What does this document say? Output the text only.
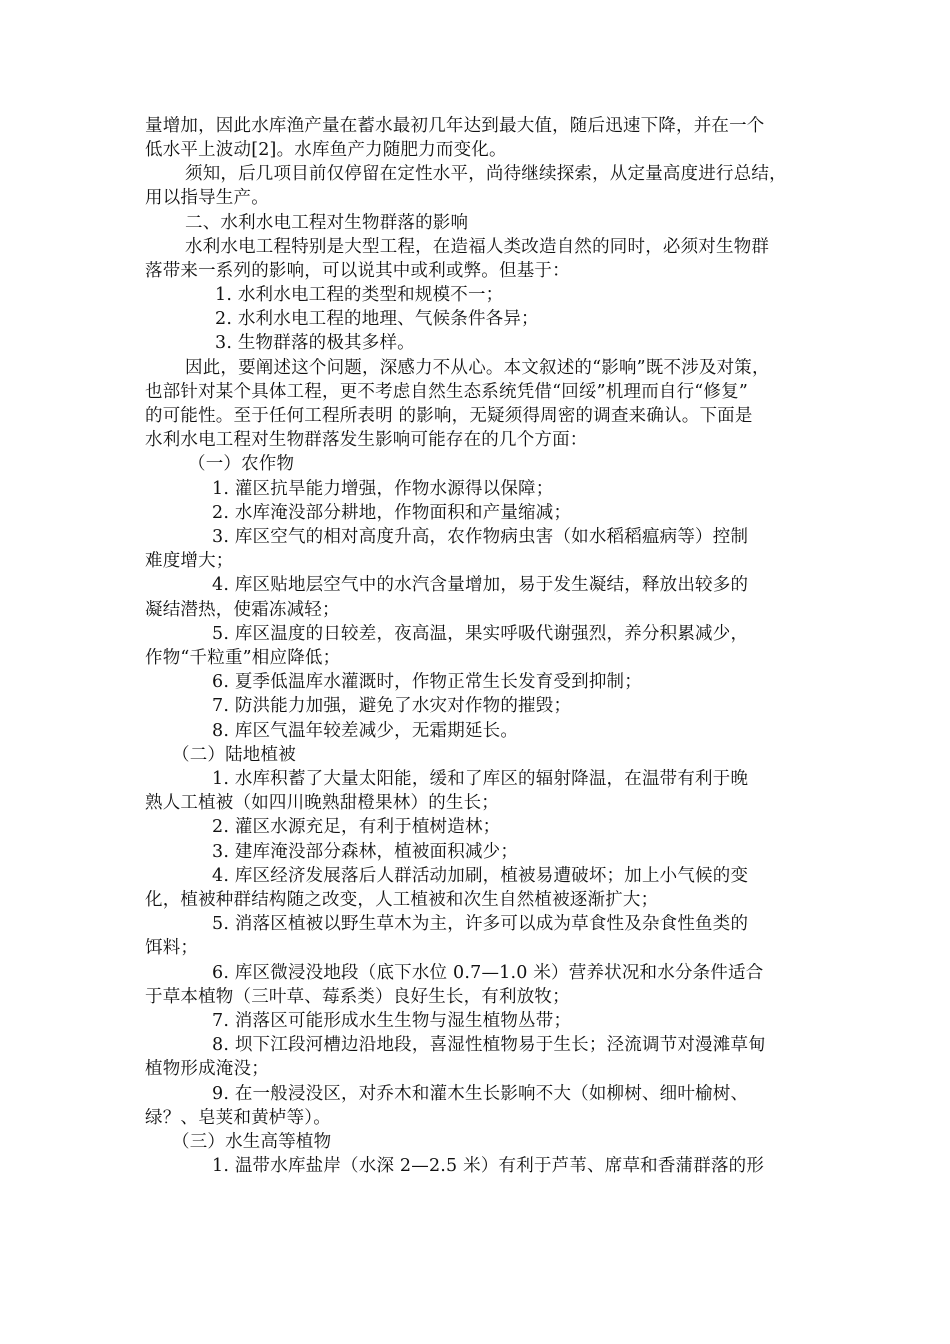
量增加，因此水库渔产量在蓄水最初几年达到最大值，随后迅速下降，并在一个
低水平上波动[2]。水库鱼产力随肥力而变化。
须知，后几项目前仅停留在定性水平，尚待继续探索，从定量高度进行总结，
用以指导生产。
二、水利水电工程对生物群落的影响
水利水电工程特别是大型工程，在造福人类改造自然的同时，必须对生物群
落带来一系列的影响，可以说其中或利或弊。但基于：
1. 水利水电工程的类型和规模不一；
2. 水利水电工程的地理、气候条件各异；
3. 生物群落的极其多样。
因此，要阐述这个问题，深感力不从心。本文叙述的“影响”既不涉及对策，
也部针对某个具体工程，更不考虑自然生态系统凭借“回绥”机理而自行“修复”
的可能性。至于任何工程所表明 的影响，无疑须得周密的调查来确认。下面是
水利水电工程对生物群落发生影响可能存在的几个方面：
（一）农作物
1. 灌区抗旱能力增强，作物水源得以保障；
2. 水库淹没部分耕地，作物面积和产量缩减；
3. 库区空气的相对高度升高，农作物病虫害（如水稻稻瘟病等）控制
难度增大；
4. 库区贴地层空气中的水汽含量增加，易于发生凝结，释放出较多的
凝结潜热，使霜冻减轻；
5. 库区温度的日较差，夜高温，果实呼吸代谢强烈，养分积累减少，
作物“千粒重”相应降低；
6. 夏季低温库水灌溉时，作物正常生长发育受到抑制；
7. 防洪能力加强，避免了水灾对作物的摧毁；
8. 库区气温年较差减少，无霜期延长。
（二）陆地植被
1. 水库积蓄了大量太阳能，缓和了库区的辐射降温，在温带有利于晚
熟人工植被（如四川晚熟甜橙果林）的生长；
2. 灌区水源充足，有利于植树造林；
3. 建库淹没部分森林，植被面积减少；
4. 库区经济发展落后人群活动加刷，植被易遭破坏；加上小气候的变
化，植被种群结构随之改变，人工植被和次生自然植被逐渐扩大；
5. 消落区植被以野生草木为主，许多可以成为草食性及杂食性鱼类的
饵料；
6. 库区微浸没地段（底下水位 0.7—1.0 米）营养状况和水分条件适合
于草本植物（三叶草、莓系类）良好生长，有利放牧；
7. 消落区可能形成水生生物与湿生植物丛带；
8. 坝下江段河槽边沿地段，喜湿性植物易于生长；泾流调节对漫滩草甸
植物形成淹没；
9. 在一般浸没区，对乔木和灌木生长影响不大（如柳树、细叶榆树、
绿？、皂荚和黄栌等）。
（三）水生高等植物
1. 温带水库盐岸（水深 2—2.5 米）有利于芦苇、席草和香蒲群落的形
